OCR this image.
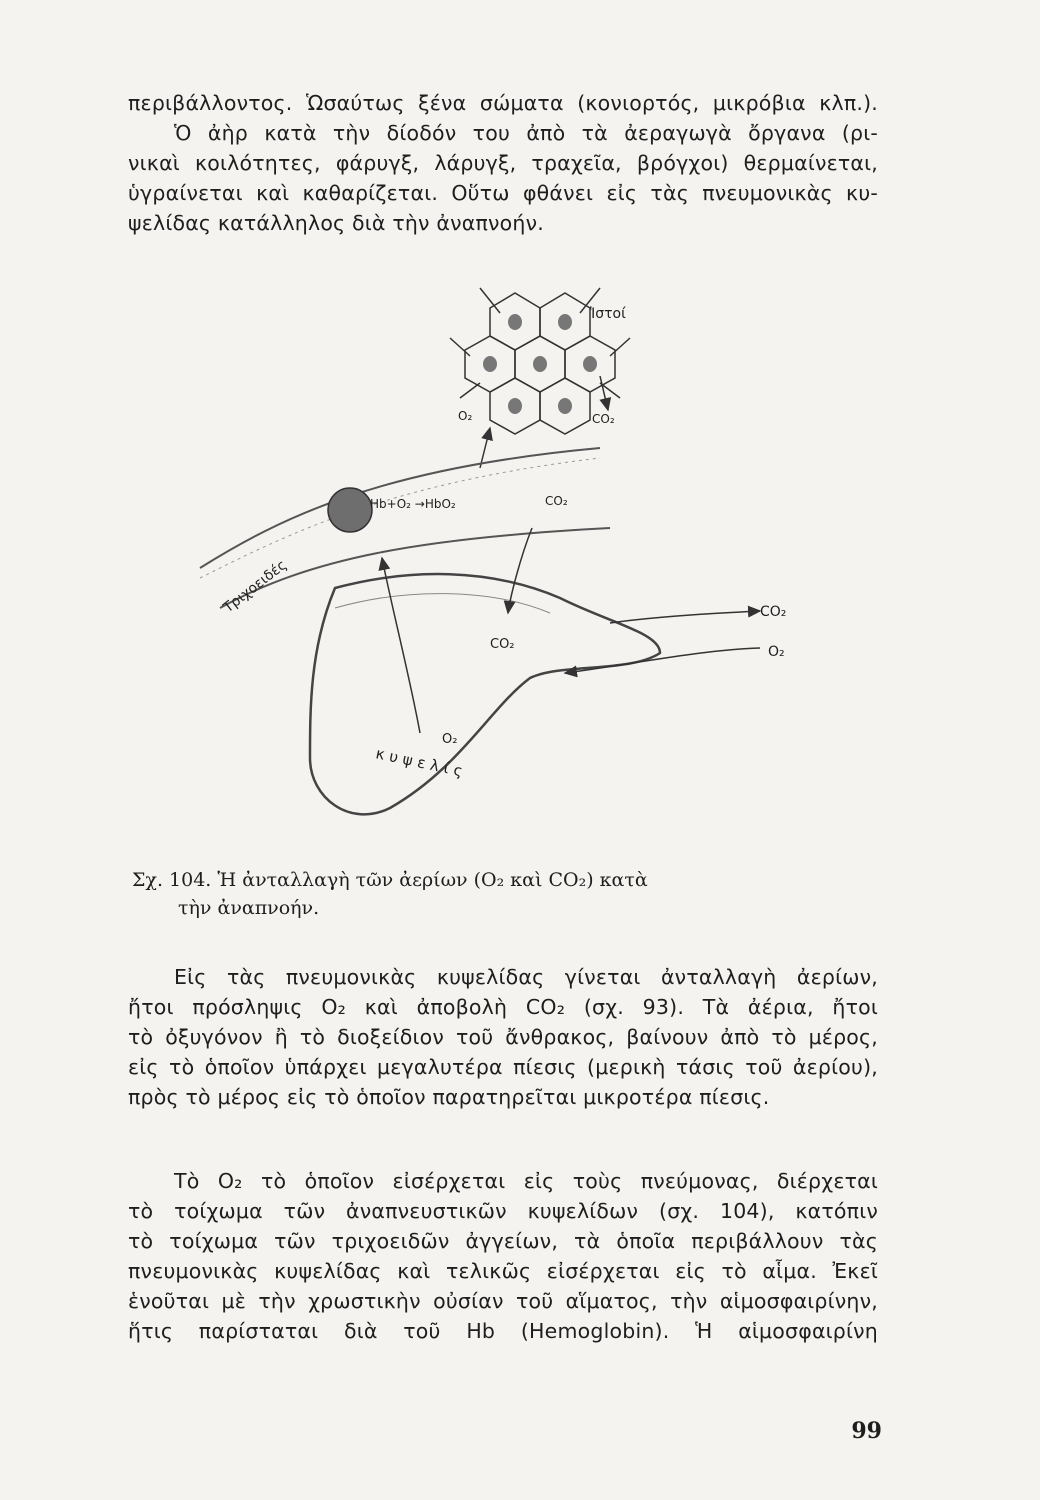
περιβάλλοντος. Ὡσαύτως ξένα σώματα (κονιορτός, μικρόβια κλπ.).
Ὁ ἀὴρ κατὰ τὴν δίοδόν του ἀπὸ τὰ ἀεραγωγὰ ὄργανα (ρι-
νικαὶ κοιλότητες, φάρυγξ, λάρυγξ, τραχεῖα, βρόγχοι) θερμαίνεται,
ὑγραίνεται καὶ καθαρίζεται. Οὕτω φθάνει εἰς τὰς πνευμονικὰς κυ-
ψελίδας κατάλληλος διὰ τὴν ἀναπνοήν.
Ἱστοί
O₂	CO₂
Τριχοειδές
Hb+O₂ →HbO₂	CO₂
κυψελίς
CO₂
CO₂
O₂
O₂
Σχ. 104. Ἡ ἀνταλλαγὴ τῶν ἀερίων (O₂ καὶ CO₂) κατὰ
τὴν ἀναπνοήν.
Εἰς τὰς πνευμονικὰς κυψελίδας γίνεται ἀνταλλαγὴ ἀερίων,
ἤτοι πρόσληψις O₂ καὶ ἀποβολὴ CO₂ (σχ. 93). Τὰ ἀέρια, ἤτοι
τὸ ὀξυγόνον ἢ τὸ διοξείδιον τοῦ ἄνθρακος, βαίνουν ἀπὸ τὸ μέρος,
εἰς τὸ ὁποῖον ὑπάρχει μεγαλυτέρα πίεσις (μερικὴ τάσις τοῦ ἀερίου),
πρὸς τὸ μέρος εἰς τὸ ὁποῖον παρατηρεῖται μικροτέρα πίεσις.
Τὸ O₂ τὸ ὁποῖον εἰσέρχεται εἰς τοὺς πνεύμονας, διέρχεται
τὸ τοίχωμα τῶν ἀναπνευστικῶν κυψελίδων (σχ. 104), κατόπιν
τὸ τοίχωμα τῶν τριχοειδῶν ἀγγείων, τὰ ὁποῖα περιβάλλουν τὰς
πνευμονικὰς κυψελίδας καὶ τελικῶς εἰσέρχεται εἰς τὸ αἷμα. Ἐκεῖ
ἑνοῦται μὲ τὴν χρωστικὴν οὐσίαν τοῦ αἵματος, τὴν αἱμοσφαιρίνην,
ἥτις παρίσταται διὰ τοῦ Hb (Hemoglobin). Ἡ αἱμοσφαιρίνη
99
